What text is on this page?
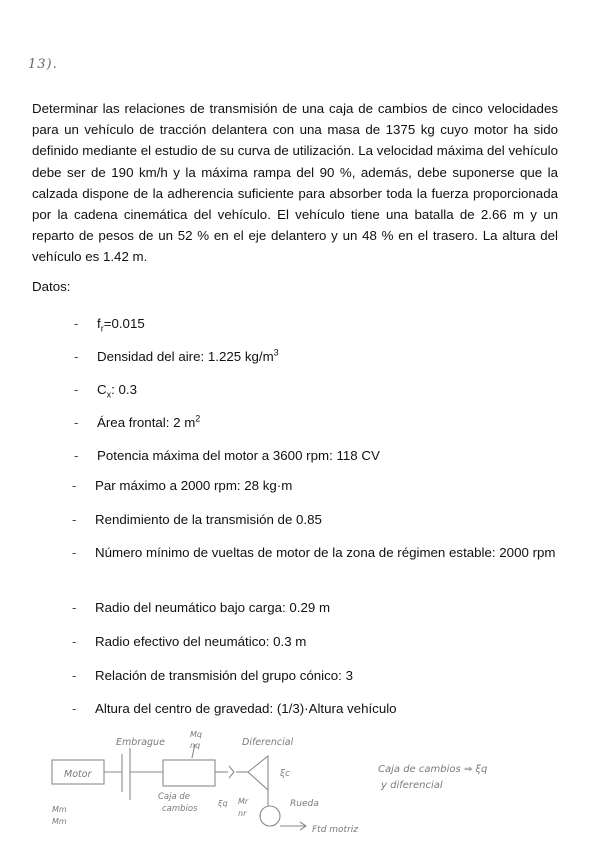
13).

Determinar las relaciones de transmisión de una caja de cambios de cinco velocidades para un vehículo de tracción delantera con una masa de 1375 kg cuyo motor ha sido definido mediante el estudio de su curva de utilización. La velocidad máxima del vehículo debe ser de 190 km/h y la máxima rampa del 90 %, además, debe suponerse que la calzada dispone de la adherencia suficiente para absorber toda la fuerza proporcionada por la cadena cinemática del vehículo. El vehículo tiene una batalla de 2.66 m y un reparto de pesos de un 52 % en el eje delantero y un 48 % en el trasero. La altura del vehículo es 1.42 m.

Datos:
- $f_r=0.015$
- Densidad del aire: 1.225 $kg/m^3$
- $C_x$: 0.3
- Área frontal: 2 $m^2$
- Potencia máxima del motor a 3600 rpm: 118 CV
- Par máximo a 2000 rpm: 28 kg·m
- Rendimiento de la transmisión de 0.85
- Número mínimo de vueltas de motor de la zona de régimen estable: 2000 rpm
- Radio del neumático bajo carga: 0.29 m
- Radio efectivo del neumático: 0.3 m
- Relación de transmisión del grupo cónico: 3
- Altura del centro de gravedad: (1/3)·Altura vehículo
Motor
Embrague
Mq
nq	Diferencial
Caja de
cambios
ξq
ξc
Mr
nr
Rueda
Mm
Mm
Ftd motriz
Caja de cambios ⇒ ξq
y diferencial
